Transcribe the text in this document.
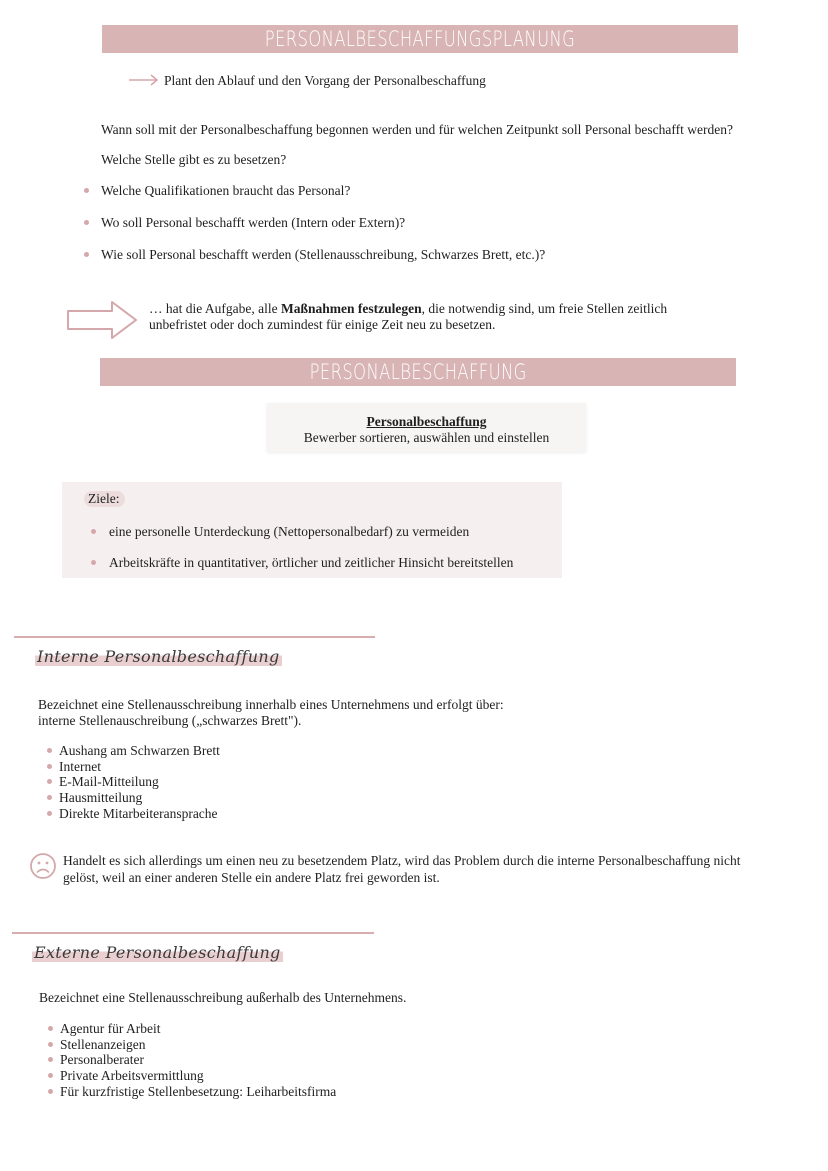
PERSONALBESCHAFFUNGSPLANUNG
Plant den Ablauf und den Vorgang der Personalbeschaffung
Wann soll mit der Personalbeschaffung begonnen werden und für welchen Zeitpunkt soll Personal beschafft werden?
Welche Stelle gibt es zu besetzen?
Welche Qualifikationen braucht das Personal?
Wo soll Personal beschafft werden (Intern oder Extern)?
Wie soll Personal beschafft werden (Stellenausschreibung, Schwarzes Brett, etc.)?
… hat die Aufgabe, alle Maßnahmen festzulegen, die notwendig sind, um freie Stellen zeitlich
unbefristet oder doch zumindest für einige Zeit neu zu besetzen.
PERSONALBESCHAFFUNG
Personalbeschaffung
Bewerber sortieren, auswählen und einstellen
Ziele:
eine personelle Unterdeckung (Nettopersonalbedarf) zu vermeiden
Arbeitskräfte in quantitativer, örtlicher und zeitlicher Hinsicht bereitstellen
Interne Personalbeschaffung
Bezeichnet eine Stellenausschreibung innerhalb eines Unternehmens und erfolgt über:
interne Stellenauschreibung („schwarzes Brett").
Aushang am Schwarzen Brett
Internet
E-Mail-Mitteilung
Hausmitteilung
Direkte Mitarbeiteransprache
Handelt es sich allerdings um einen neu zu besetzendem Platz, wird das Problem durch die interne Personalbeschaffung nicht
gelöst, weil an einer anderen Stelle ein andere Platz frei geworden ist.
Externe Personalbeschaffung
Bezeichnet eine Stellenausschreibung außerhalb des Unternehmens.
Agentur für Arbeit
Stellenanzeigen
Personalberater
Private Arbeitsvermittlung
Für kurzfristige Stellenbesetzung: Leiharbeitsfirma
